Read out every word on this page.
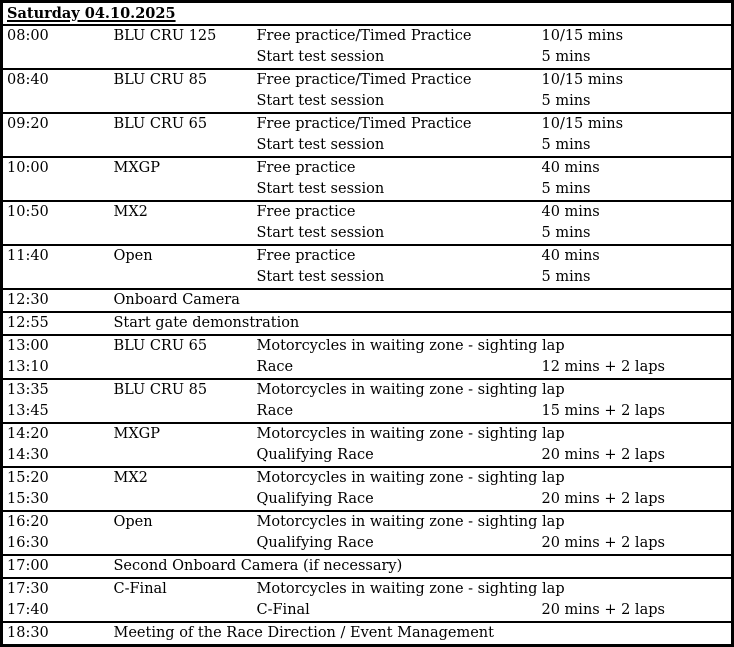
Saturday 04.10.2025			
08:00	BLU CRU 125	Free practice/Timed Practice	10/15 mins
		Start test session	5 mins
08:40	BLU CRU 85	Free practice/Timed Practice	10/15 mins
		Start test session	5 mins
09:20	BLU CRU 65	Free practice/Timed Practice	10/15 mins
		Start test session	5 mins
10:00	MXGP	Free practice	40 mins
		Start test session	5 mins
10:50	MX2	Free practice	40 mins
		Start test session	5 mins
11:40	Open	Free practice	40 mins
		Start test session	5 mins
12:30	Onboard Camera		
12:55	Start gate demonstration		
13:00	BLU CRU 65	Motorcycles in waiting zone - sighting lap	
13:10		Race	12 mins + 2 laps
13:35	BLU CRU 85	Motorcycles in waiting zone - sighting lap	
13:45		Race	15 mins + 2 laps
14:20	MXGP	Motorcycles in waiting zone - sighting lap	
14:30		Qualifying Race	20 mins + 2 laps
15:20	MX2	Motorcycles in waiting zone - sighting lap	
15:30		Qualifying Race	20 mins + 2 laps
16:20	Open	Motorcycles in waiting zone - sighting lap	
16:30		Qualifying Race	20 mins + 2 laps
17:00	Second Onboard Camera (if necessary)		
17:30	C-Final	Motorcycles in waiting zone - sighting lap	
17:40		C-Final	20 mins + 2 laps
18:30	Meeting of the Race Direction / Event Management		
